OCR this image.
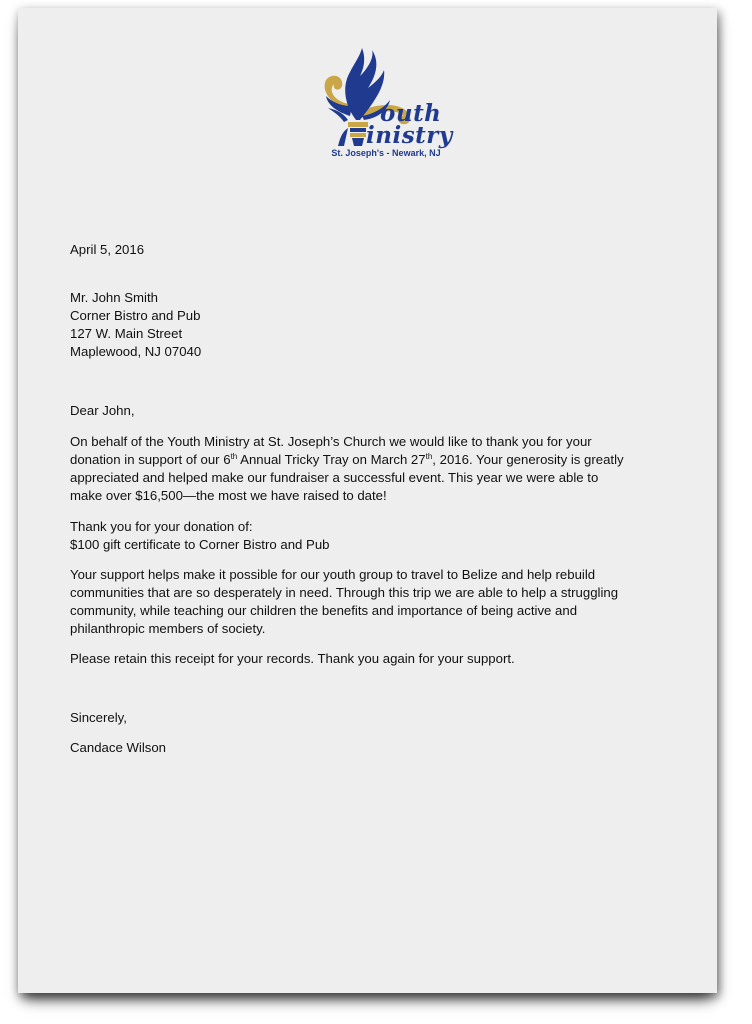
outh
inistry
St. Joseph's - Newark, NJ
April 5, 2016
Mr. John Smith
Corner Bistro and Pub
127 W. Main Street
Maplewood, NJ 07040
Dear John,
On behalf of the Youth Ministry at St. Joseph’s Church we would like to thank you for your
donation in support of our 6th Annual Tricky Tray on March 27th, 2016. Your generosity is greatly
appreciated and helped make our fundraiser a successful event. This year we were able to
make over $16,500—the most we have raised to date!
Thank you for your donation of:
$100 gift certificate to Corner Bistro and Pub
Your support helps make it possible for our youth group to travel to Belize and help rebuild
communities that are so desperately in need. Through this trip we are able to help a struggling
community, while teaching our children the benefits and importance of being active and
philanthropic members of society.
Please retain this receipt for your records. Thank you again for your support.
Sincerely,
Candace Wilson
